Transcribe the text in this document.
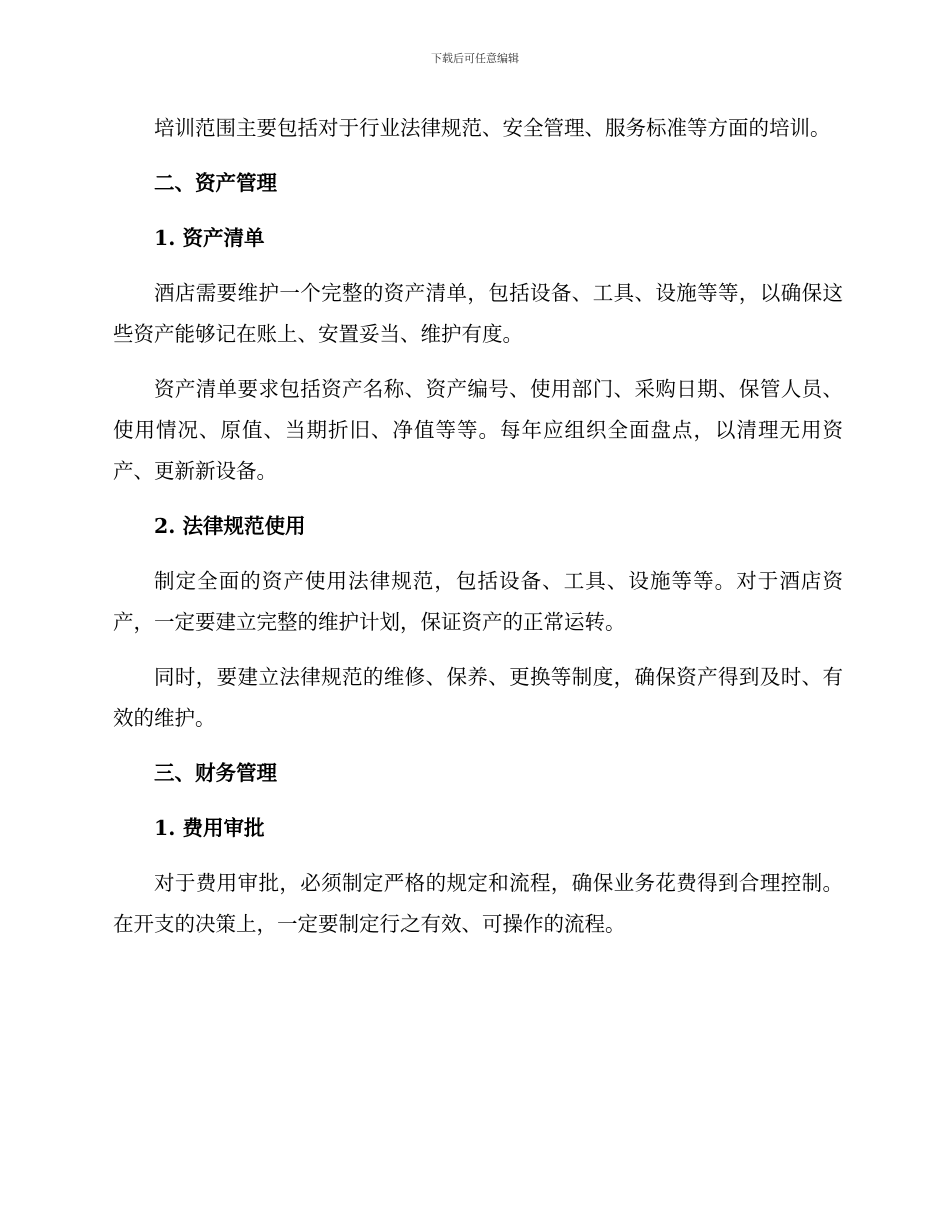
下载后可任意编辑

培训范围主要包括对于行业法律规范、安全管理、服务标准等方面的培训。

二、资产管理
1. 资产清单

酒店需要维护一个完整的资产清单，包括设备、工具、设施等等，以确保这些资产能够记在账上、安置妥当、维护有度。

资产清单要求包括资产名称、资产编号、使用部门、采购日期、保管人员、使用情况、原值、当期折旧、净值等等。每年应组织全面盘点，以清理无用资产、更新新设备。

2. 法律规范使用

制定全面的资产使用法律规范，包括设备、工具、设施等等。对于酒店资产，一定要建立完整的维护计划，保证资产的正常运转。

同时，要建立法律规范的维修、保养、更换等制度，确保资产得到及时、有效的维护。

三、财务管理
1. 费用审批

对于费用审批，必须制定严格的规定和流程，确保业务花费得到合理控制。在开支的决策上，一定要制定行之有效、可操作的流程。
